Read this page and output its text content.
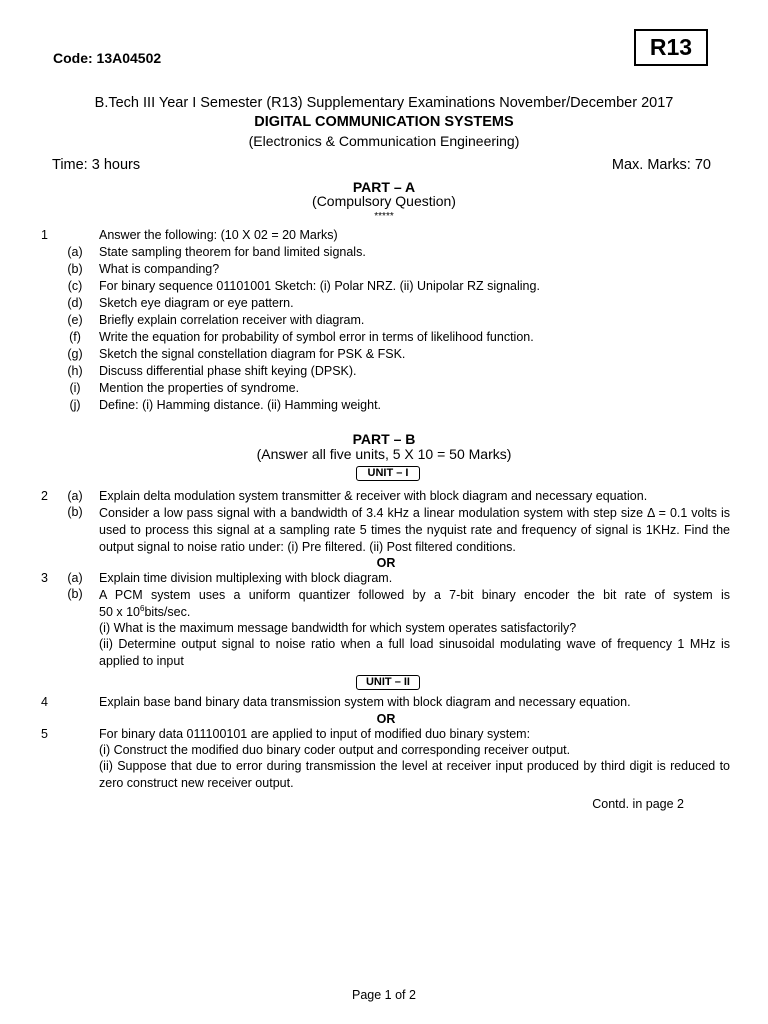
Code: 13A04502	R13
B.Tech III Year I Semester (R13) Supplementary Examinations November/December 2017
DIGITAL COMMUNICATION SYSTEMS
(Electronics & Communication Engineering)
Time: 3 hours	Max. Marks: 70
PART – A
(Compulsory Question)
*****
1	Answer the following: (10 X 02 = 20 Marks)
(a)	State sampling theorem for band limited signals.
(b)	What is companding?
(c)	For binary sequence 01101001 Sketch: (i) Polar NRZ. (ii) Unipolar RZ signaling.
(d)	Sketch eye diagram or eye pattern.
(e)	Briefly explain correlation receiver with diagram.
(f)	Write the equation for probability of symbol error in terms of likelihood function.
(g)	Sketch the signal constellation diagram for PSK & FSK.
(h)	Discuss differential phase shift keying (DPSK).
(i)	Mention the properties of syndrome.
(j)	Define: (i) Hamming distance. (ii) Hamming weight.
PART – B
(Answer all five units, 5 X 10 = 50 Marks)
UNIT – I
2	(a)	Explain delta modulation system transmitter & receiver with block diagram and necessary equation.
(b)	Consider a low pass signal with a bandwidth of 3.4 kHz a linear modulation system with step size Δ = 0.1 volts is used to process this signal at a sampling rate 5 times the nyquist rate and frequency of signal is 1KHz. Find the output signal to noise ratio under: (i) Pre filtered. (ii) Post filtered conditions.
OR
3	(a)	Explain time division multiplexing with block diagram.
(b)	A PCM system uses a uniform quantizer followed by a 7-bit binary encoder the bit rate of system is
50 x $10^6bits/\sec$.
(i) What is the maximum message bandwidth for which system operates satisfactorily?
(ii) Determine output signal to noise ratio when a full load sinusoidal modulating wave of frequency 1 MHz is applied to input
UNIT – II
4	Explain base band binary data transmission system with block diagram and necessary equation.
OR
5	For binary data 011100101 are applied to input of modified duo binary system:
(i) Construct the modified duo binary coder output and corresponding receiver output.
(ii) Suppose that due to error during transmission the level at receiver input produced by third digit is reduced to zero construct new receiver output.
Contd. in page 2
Page 1 of 2
